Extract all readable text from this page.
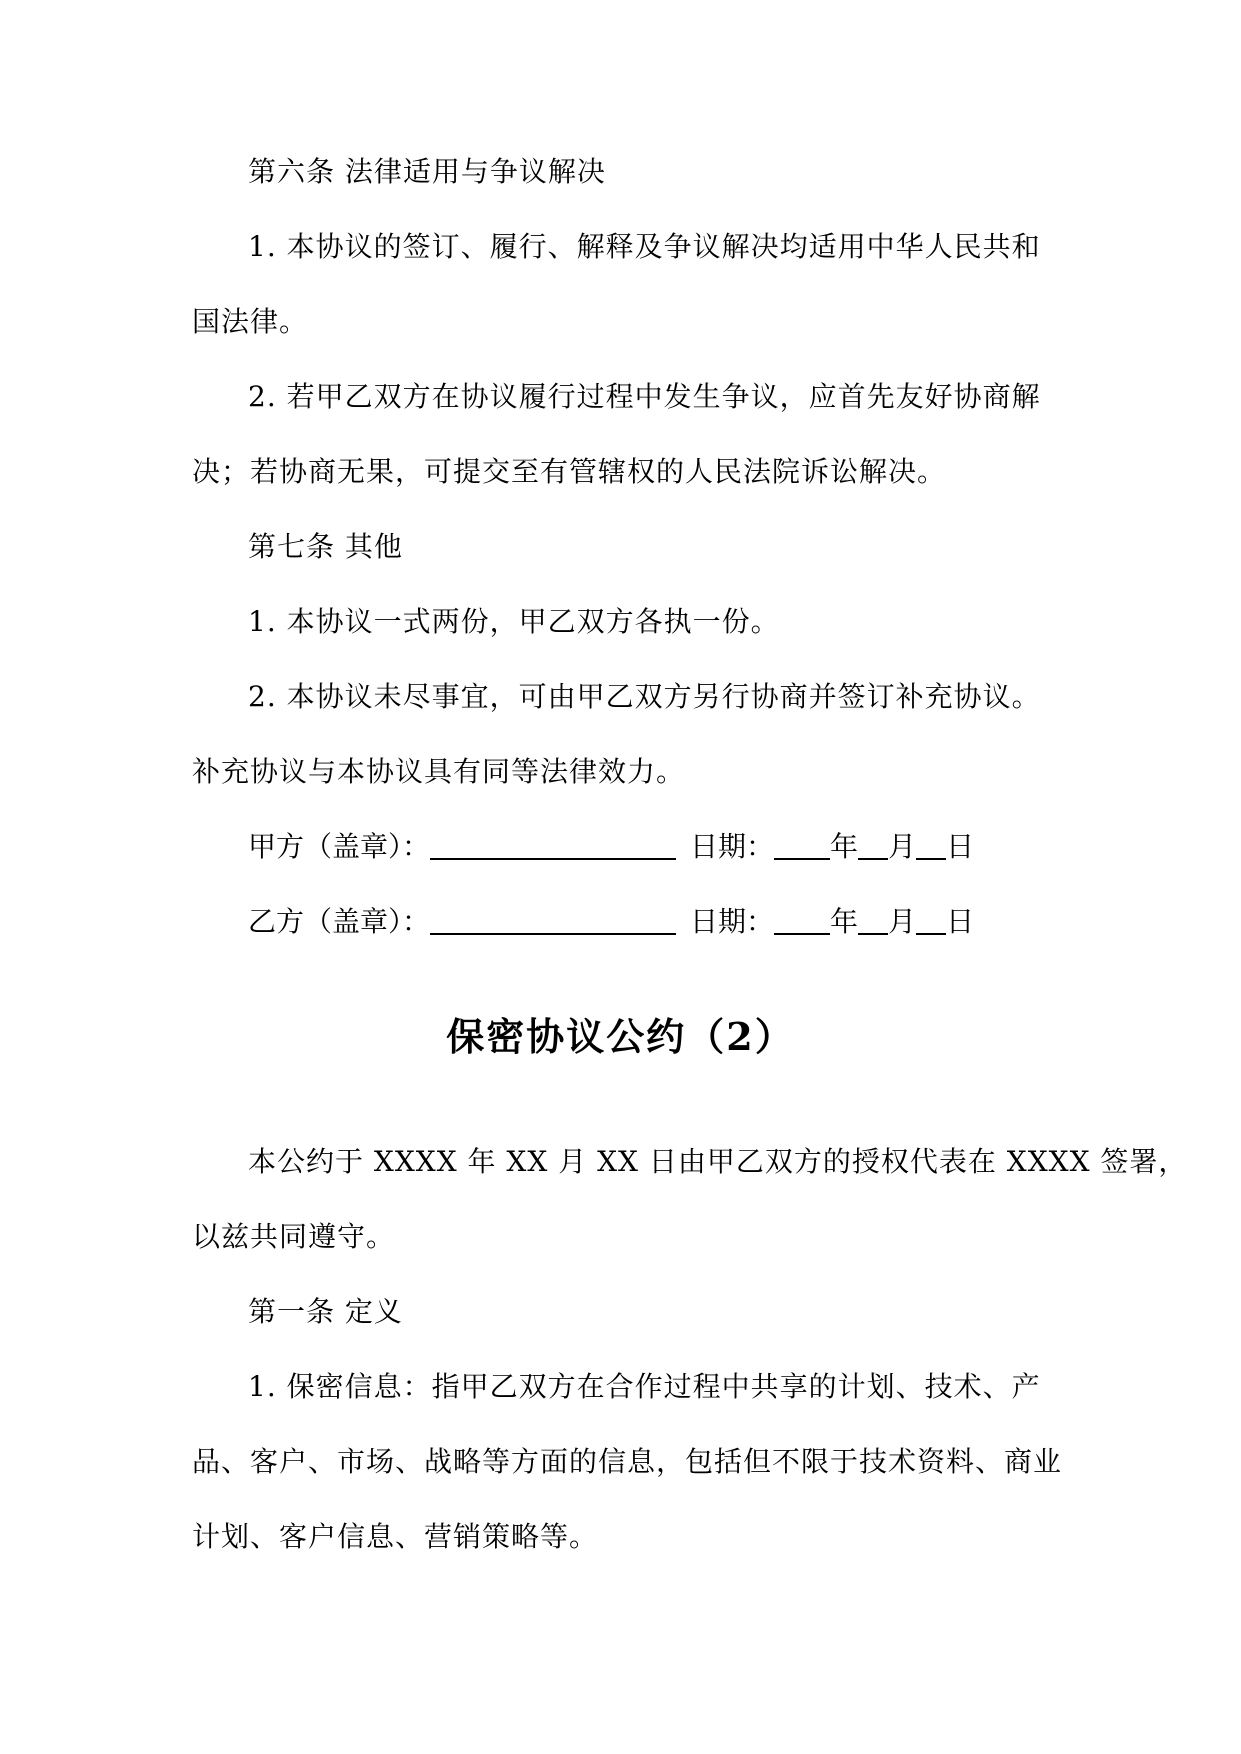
第六条 法律适用与争议解决
1. 本协议的签订、履行、解释及争议解决均适用中华人民共和
国法律。
2. 若甲乙双方在协议履行过程中发生争议，应首先友好协商解
决；若协商无果，可提交至有管辖权的人民法院诉讼解决。
第七条 其他
1. 本协议一式两份，甲乙双方各执一份。
2. 本协议未尽事宜，可由甲乙双方另行协商并签订补充协议。
补充协议与本协议具有同等法律效力。
甲方（盖章）：	日期： 年 月 日
乙方（盖章）：	日期： 年 月 日
保密协议公约（2）
本公约于 XXXX 年 XX 月 XX 日由甲乙双方的授权代表在 XXXX 签署，
以兹共同遵守。
第一条 定义
1. 保密信息：指甲乙双方在合作过程中共享的计划、技术、产
品、客户、市场、战略等方面的信息，包括但不限于技术资料、商业
计划、客户信息、营销策略等。
